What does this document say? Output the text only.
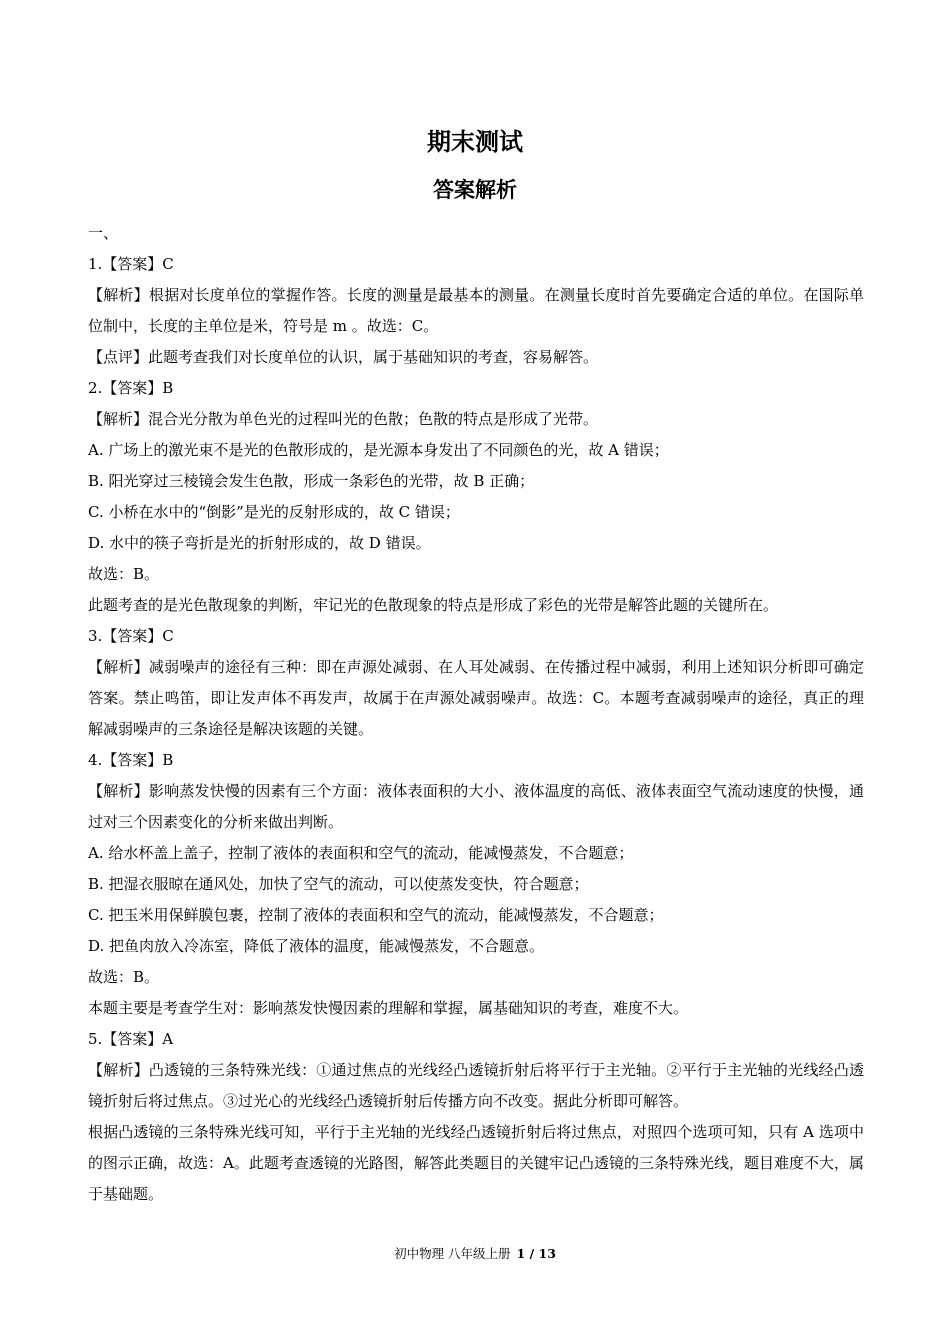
期末测试
答案解析

一、

1.【答案】C

【解析】根据对长度单位的掌握作答。长度的测量是最基本的测量。在测量长度时首先要确定合适的单位。在国际单位制中，长度的主单位是米，符号是 m 。故选：C。

【点评】此题考查我们对长度单位的认识，属于基础知识的考查，容易解答。

2.【答案】B

【解析】混合光分散为单色光的过程叫光的色散；色散的特点是形成了光带。

A. 广场上的激光束不是光的色散形成的，是光源本身发出了不同颜色的光，故 A 错误；

B. 阳光穿过三棱镜会发生色散，形成一条彩色的光带，故 B 正确；

C. 小桥在水中的“倒影”是光的反射形成的，故 C 错误；

D. 水中的筷子弯折是光的折射形成的，故 D 错误。

故选：B。

此题考查的是光色散现象的判断，牢记光的色散现象的特点是形成了彩色的光带是解答此题的关键所在。

3.【答案】C

【解析】减弱噪声的途径有三种：即在声源处减弱、在人耳处减弱、在传播过程中减弱，利用上述知识分析即可确定答案。禁止鸣笛，即让发声体不再发声，故属于在声源处减弱噪声。故选：C。本题考查减弱噪声的途径，真正的理解减弱噪声的三条途径是解决该题的关键。

4.【答案】B

【解析】影响蒸发快慢的因素有三个方面：液体表面积的大小、液体温度的高低、液体表面空气流动速度的快慢，通过对三个因素变化的分析来做出判断。

A. 给水杯盖上盖子，控制了液体的表面积和空气的流动，能减慢蒸发，不合题意；

B. 把湿衣服晾在通风处，加快了空气的流动，可以使蒸发变快，符合题意；

C. 把玉米用保鲜膜包裹，控制了液体的表面积和空气的流动，能减慢蒸发，不合题意；

D. 把鱼肉放入冷冻室，降低了液体的温度，能减慢蒸发，不合题意。

故选：B。

本题主要是考查学生对：影响蒸发快慢因素的理解和掌握，属基础知识的考查，难度不大。

5.【答案】A

【解析】凸透镜的三条特殊光线：①通过焦点的光线经凸透镜折射后将平行于主光轴。②平行于主光轴的光线经凸透镜折射后将过焦点。③过光心的光线经凸透镜折射后传播方向不改变。据此分析即可解答。

根据凸透镜的三条特殊光线可知，平行于主光轴的光线经凸透镜折射后将过焦点，对照四个选项可知，只有 A 选项中的图示正确，故选：A。此题考查透镜的光路图，解答此类题目的关键牢记凸透镜的三条特殊光线，题目难度不大，属于基础题。

初中物理 八年级上册 1 / 13
